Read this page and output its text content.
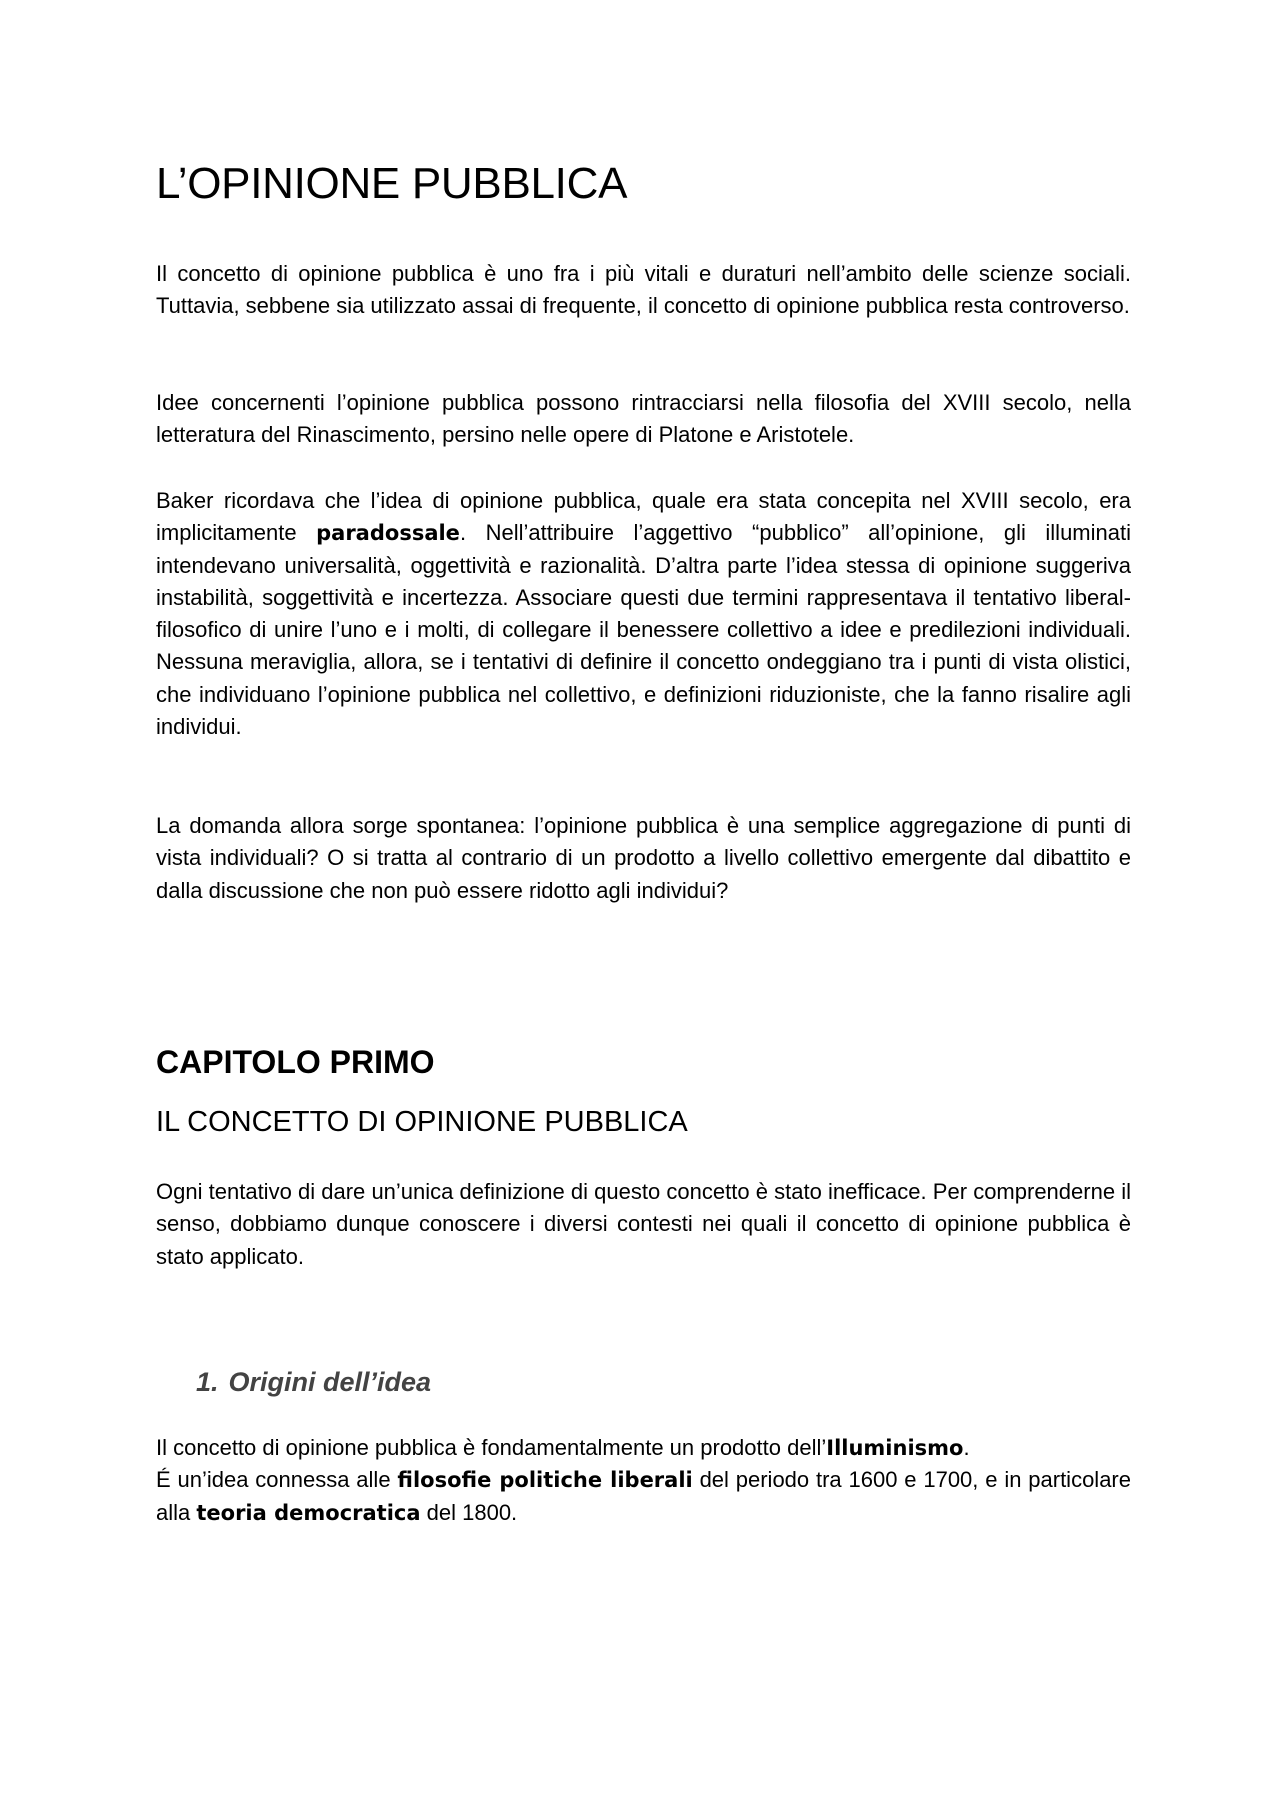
L’OPINIONE PUBBLICA

Il concetto di opinione pubblica è uno fra i più vitali e duraturi nell’ambito delle scienze sociali. Tuttavia, sebbene sia utilizzato assai di frequente, il concetto di opinione pubblica resta controverso.

Idee concernenti l’opinione pubblica possono rintracciarsi nella filosofia del XVIII secolo, nella letteratura del Rinascimento, persino nelle opere di Platone e Aristotele.

Baker ricordava che l’idea di opinione pubblica, quale era stata concepita nel XVIII secolo, era implicitamente paradossale. Nell’attribuire l’aggettivo “pubblico” all’opinione, gli illuminati intendevano universalità, oggettività e razionalità. D’altra parte l’idea stessa di opinione suggeriva instabilità, soggettività e incertezza. Associare questi due termini rappresentava il tentativo liberal-filosofico di unire l’uno e i molti, di collegare il benessere collettivo a idee e predilezioni individuali. Nessuna meraviglia, allora, se i tentativi di definire il concetto ondeggiano tra i punti di vista olistici, che individuano l’opinione pubblica nel collettivo, e definizioni riduzioniste, che la fanno risalire agli individui.

La domanda allora sorge spontanea: l’opinione pubblica è una semplice aggregazione di punti di vista individuali? O si tratta al contrario di un prodotto a livello collettivo emergente dal dibattito e dalla discussione che non può essere ridotto agli individui?

CAPITOLO PRIMO
IL CONCETTO DI OPINIONE PUBBLICA

Ogni tentativo di dare un’unica definizione di questo concetto è stato inefficace. Per comprenderne il senso, dobbiamo dunque conoscere i diversi contesti nei quali il concetto di opinione pubblica è stato applicato.

1. Origini dell’idea

Il concetto di opinione pubblica è fondamentalmente un prodotto dell’Illuminismo.
É un’idea connessa alle filosofie politiche liberali del periodo tra 1600 e 1700, e in particolare alla teoria democratica del 1800.
